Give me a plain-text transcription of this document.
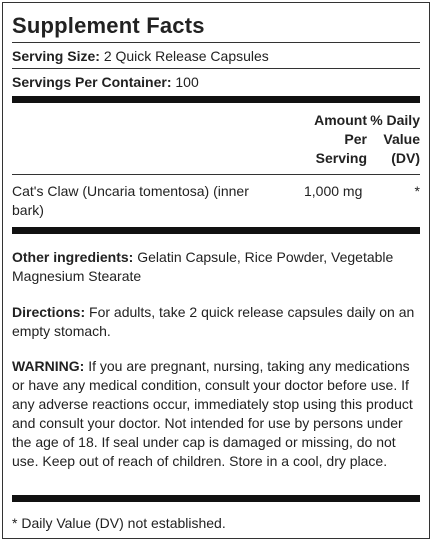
Supplement Facts
Serving Size: 2 Quick Release Capsules
Servings Per Container: 100
Amount
Per
Serving
% Daily
Value
(DV)
Cat's Claw (Uncaria tomentosa) (inner bark)
1,000 mg	*
Other ingredients: Gelatin Capsule, Rice Powder, Vegetable Magnesium Stearate
Directions: For adults, take 2 quick release capsules daily on an empty stomach.
WARNING: If you are pregnant, nursing, taking any medications or have any medical condition, consult your doctor before use. If any adverse reactions occur, immediately stop using this product and consult your doctor. Not intended for use by persons under the age of 18. If seal under cap is damaged or missing, do not use. Keep out of reach of children. Store in a cool, dry place.
* Daily Value (DV) not established.
